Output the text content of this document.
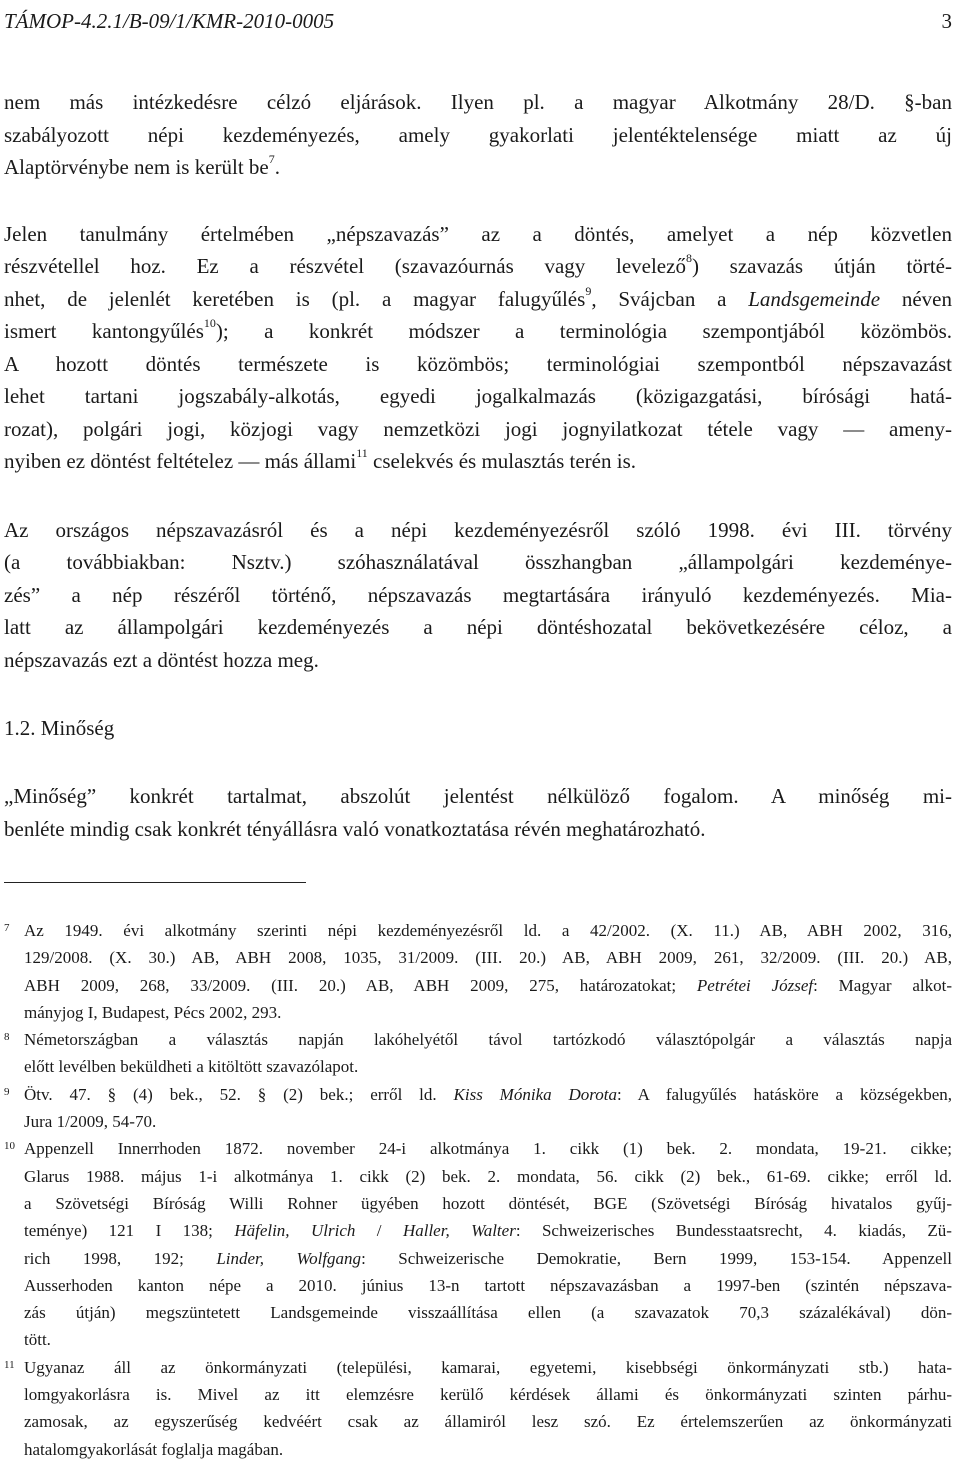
TÁMOP-4.2.1/B-09/1/KMR-2010-0005	3
nem más intézkedésre célzó eljárások. Ilyen pl. a magyar Alkotmány 28/D. §-ban
szabályozott népi kezdeményezés, amely gyakorlati jelentéktelensége miatt az új
Alaptörvénybe nem is került $be^7$.
Jelen tanulmány értelmében „népszavazás” az a döntés, amelyet a nép közvetlen
részvétellel hoz. Ez a részvétel (szavazóurnás vagy levelező$^8$) szavazás útján törté-
nhet, de jelenlét keretében is (pl. a magyar falugyűlés$^9$, Svájcban a Landsgemeinde néven
ismert kantongyűlés$^{10}$); a konkrét módszer a terminológia szempontjából közömbös.
A hozott döntés természete is közömbös; terminológiai szempontból népszavazást
lehet tartani jogszabály-alkotás, egyedi jogalkalmazás (közigazgatási, bírósági hatá-
rozat), polgári jogi, közjogi vagy nemzetközi jogi jognyilatkozat tétele vagy — ameny-
nyiben ez döntést feltételez — más állami$^{11}$ cselekvés és mulasztás terén is.
Az országos népszavazásról és a népi kezdeményezésről szóló 1998. évi III. törvény
(a továbbiakban: Nsztv.) szóhasználatával összhangban „állampolgári kezdeménye-
zés” a nép részéről történő, népszavazás megtartására irányuló kezdeményezés. Mia-
latt az állampolgári kezdeményezés a népi döntéshozatal bekövetkezésére céloz, a
népszavazás ezt a döntést hozza meg.
1.2. Minőség
„Minőség” konkrét tartalmat, abszolút jelentést nélkülöző fogalom. A minőség mi-
benléte mindig csak konkrét tényállásra való vonatkoztatása révén meghatározható.
7 Az 1949. évi alkotmány szerinti népi kezdeményezésről ld. a 42/2002. (X. 11.) AB, ABH 2002, 316,
129/2008. (X. 30.) AB, ABH 2008, 1035, 31/2009. (III. 20.) AB, ABH 2009, 261, 32/2009. (III. 20.) AB,
ABH 2009, 268, 33/2009. (III. 20.) AB, ABH 2009, 275, határozatokat; Petrétei József: Magyar alkot-
mányjog I, Budapest, Pécs 2002, 293.
8 Németországban a választás napján lakóhelyétől távol tartózkodó választópolgár a választás napja
előtt levélben beküldheti a kitöltött szavazólapot.
9 Ötv. 47. § (4) bek., 52. § (2) bek.; erről ld. Kiss Mónika Dorota: A falugyűlés hatásköre a községekben,
Jura 1/2009, 54-70.
10 Appenzell Innerrhoden 1872. november 24-i alkotmánya 1. cikk (1) bek. 2. mondata, 19-21. cikke;
Glarus 1988. május 1-i alkotmánya 1. cikk (2) bek. 2. mondata, 56. cikk (2) bek., 61-69. cikke; erről ld.
a Szövetségi Bíróság Willi Rohner ügyében hozott döntését, BGE (Szövetségi Bíróság hivatalos gyűj-
teménye) 121 I 138; Häfelin, Ulrich / Haller, Walter: Schweizerisches Bundesstaatsrecht, 4. kiadás, Zü-
rich 1998, 192; Linder, Wolfgang: Schweizerische Demokratie, Bern 1999, 153-154. Appenzell
Ausserhoden kanton népe a 2010. június 13-n tartott népszavazásban a 1997-ben (szintén népszava-
zás útján) megszüntetett Landsgemeinde visszaállítása ellen (a szavazatok 70,3 százalékával) dön-
tött.
11 Ugyanaz áll az önkormányzati (települési, kamarai, egyetemi, kisebbségi önkormányzati stb.) hata-
lomgyakorlásra is. Mivel az itt elemzésre kerülő kérdések állami és önkormányzati szinten párhu-
zamosak, az egyszerűség kedvéért csak az államiról lesz szó. Ez értelemszerűen az önkormányzati
hatalomgyakorlását foglalja magában.
